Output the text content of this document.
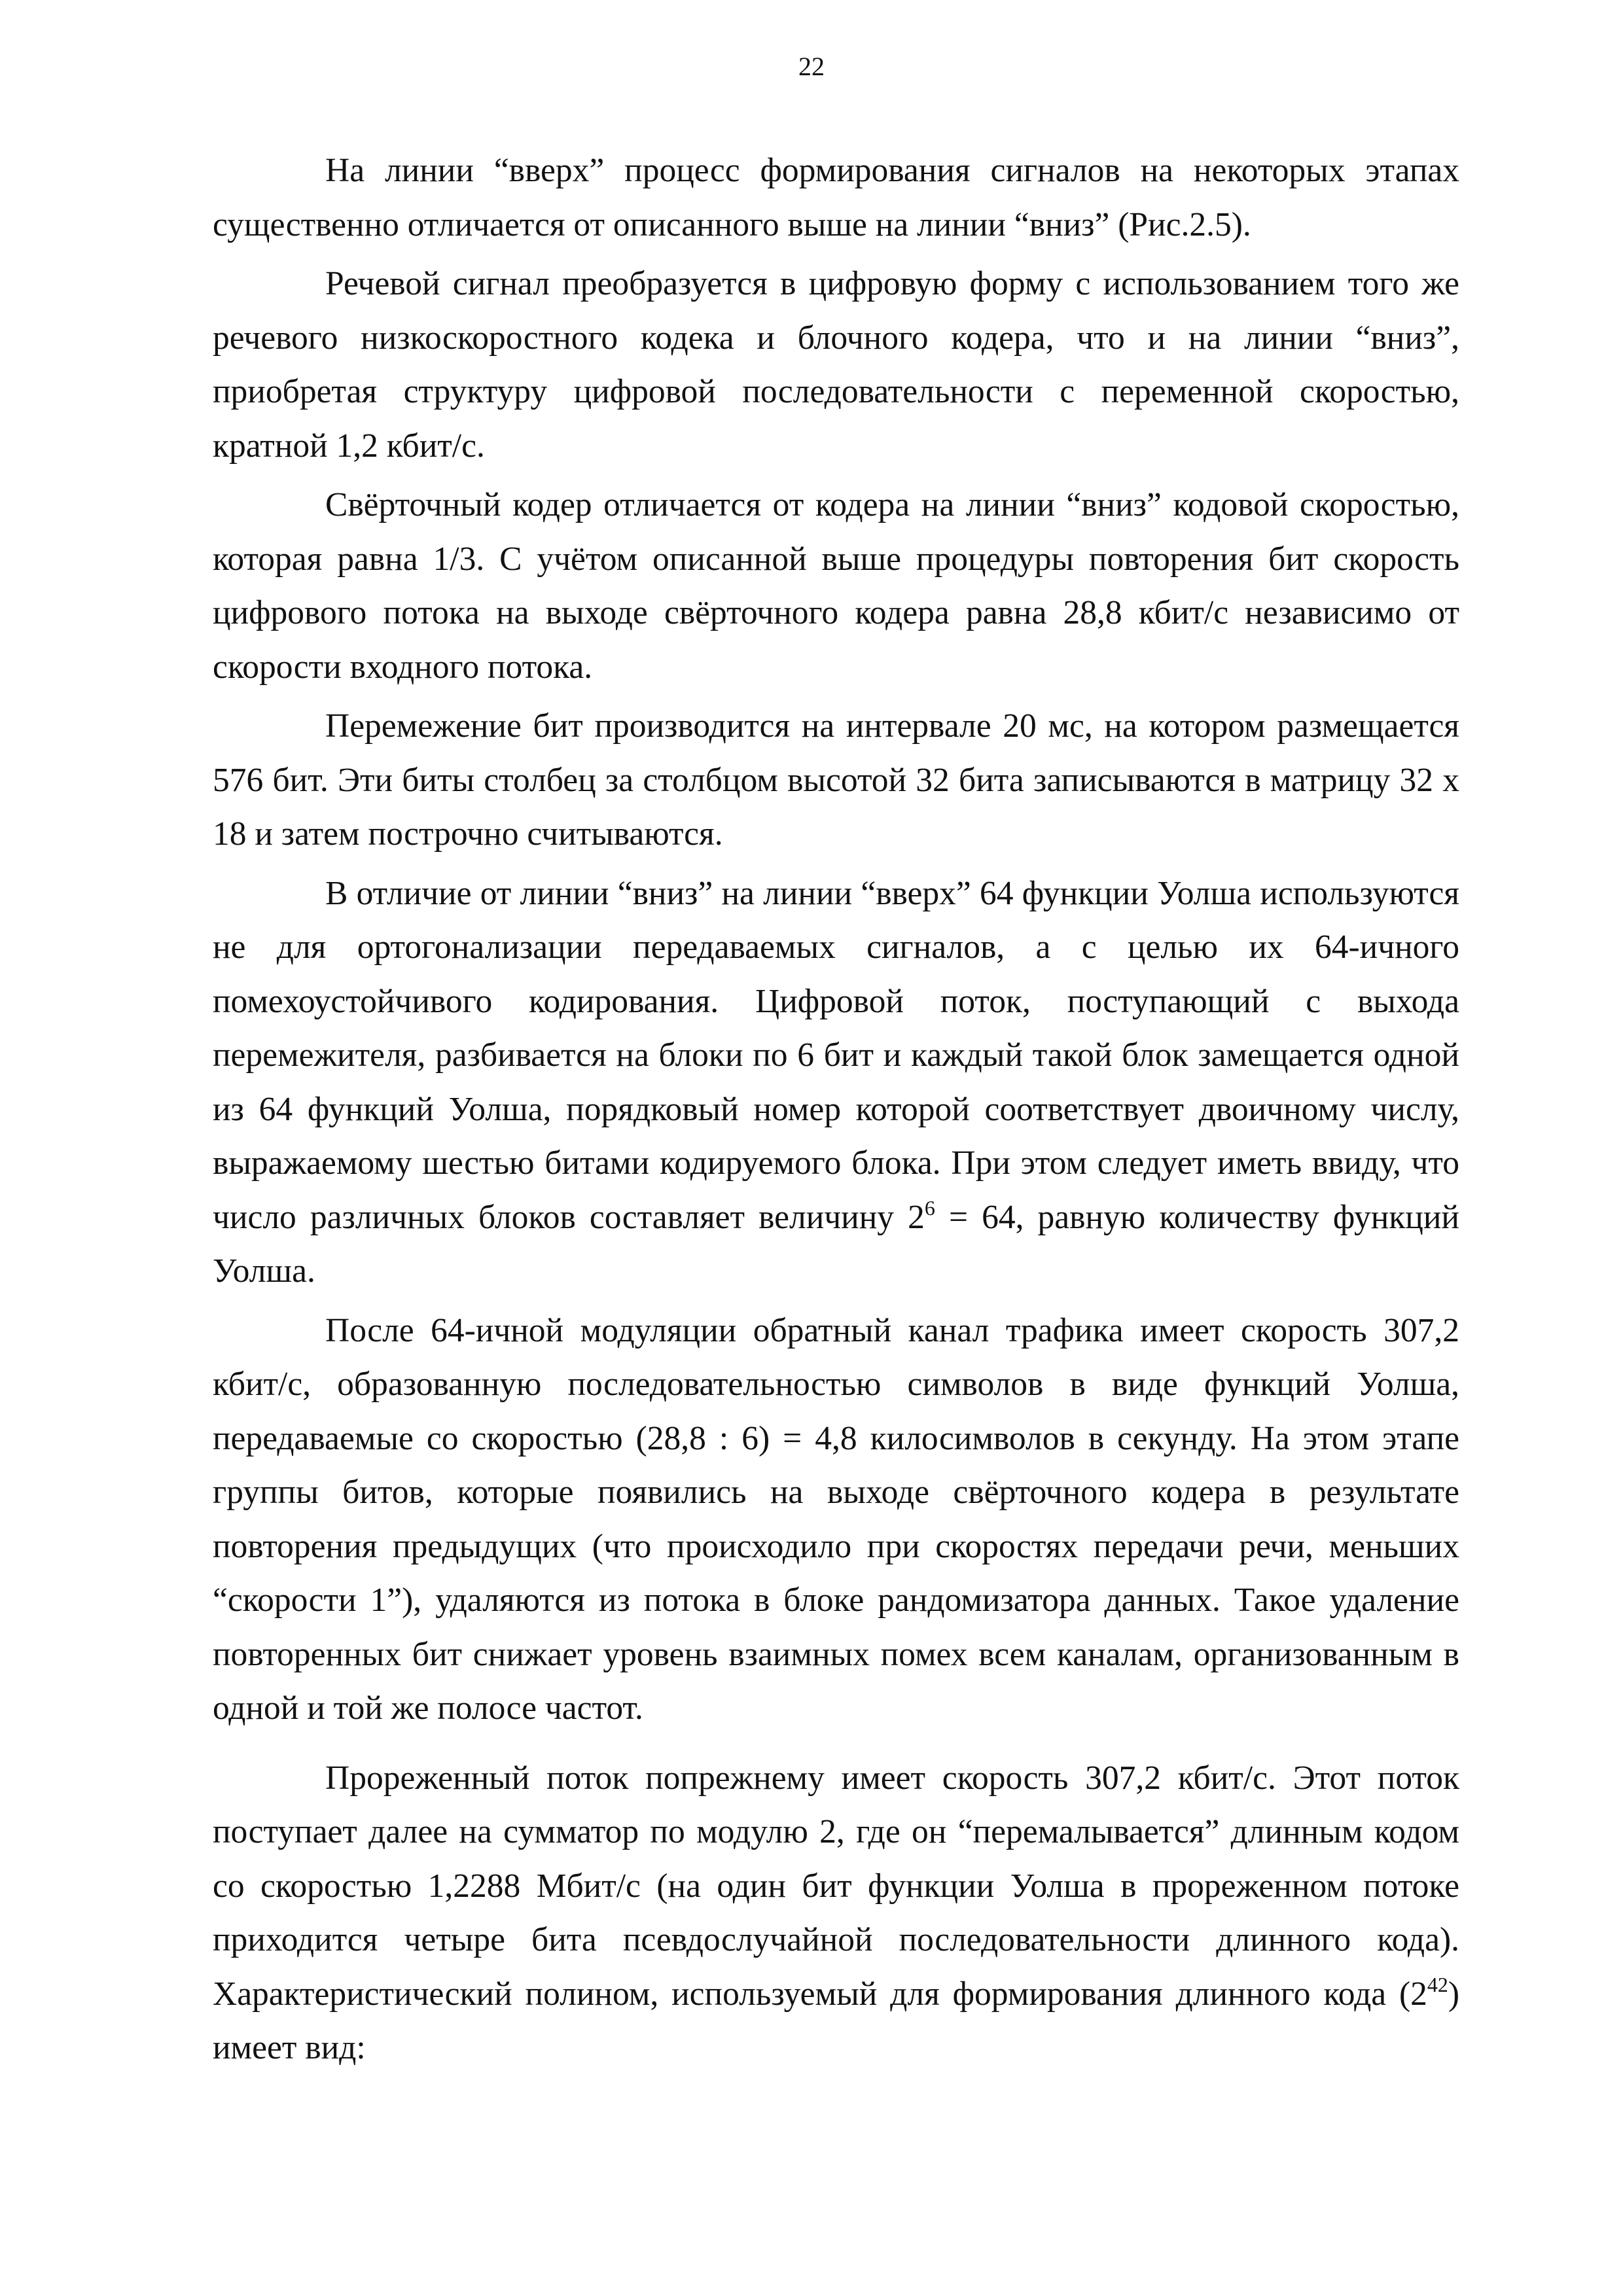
22

На линии “вверх” процесс формирования сигналов на некоторых этапах существенно отличается от описанного выше на линии “вниз” (Рис.2.5).

Речевой сигнал преобразуется в цифровую форму с использованием того же речевого низкоскоростного кодека и блочного кодера, что и на линии “вниз”, приобретая структуру цифровой последовательности с переменной скоростью, кратной 1,2 кбит/с.

Свёрточный кодер отличается от кодера на линии “вниз” кодовой скоростью, которая равна 1/3. С учётом описанной выше процедуры повторения бит скорость цифрового потока на выходе свёрточного кодера равна 28,8 кбит/с независимо от скорости входного потока.

Перемежение бит производится на интервале 20 мс, на котором размещается 576 бит. Эти биты столбец за столбцом высотой 32 бита записываются в матрицу 32 х 18 и затем построчно считываются.

В отличие от линии “вниз” на линии “вверх” 64 функции Уолша используются не для ортогонализации передаваемых сигналов, а с целью их 64-ичного помехоустойчивого кодирования. Цифровой поток, поступающий с выхода перемежителя, разбивается на блоки по 6 бит и каждый такой блок замещается одной из 64 функций Уолша, порядковый номер которой соответствует двоичному числу, выражаемому шестью битами кодируемого блока. При этом следует иметь ввиду, что число различных блоков составляет величину $2^6 = 64$, равную количеству функций Уолша.

После 64-ичной модуляции обратный канал трафика имеет скорость 307,2 кбит/с, образованную последовательностью символов в виде функций Уолша, передаваемые со скоростью (28,8 : 6) = 4,8 килосимволов в секунду. На этом этапе группы битов, которые появились на выходе свёрточного кодера в результате повторения предыдущих (что происходило при скоростях передачи речи, меньших “скорости 1”), удаляются из потока в блоке рандомизатора данных. Такое удаление повторенных бит снижает уровень взаимных помех всем каналам, организованным в одной и той же полосе частот.

Прореженный поток попрежнему имеет скорость 307,2 кбит/с. Этот поток поступает далее на сумматор по модулю 2, где он “перемалывается” длинным кодом со скоростью 1,2288 Мбит/с (на один бит функции Уолша в прореженном потоке приходится четыре бита псевдослучайной последовательности длинного кода). Характеристический полином, используемый для формирования длинного кода $(2^{42})$ имеет вид:
